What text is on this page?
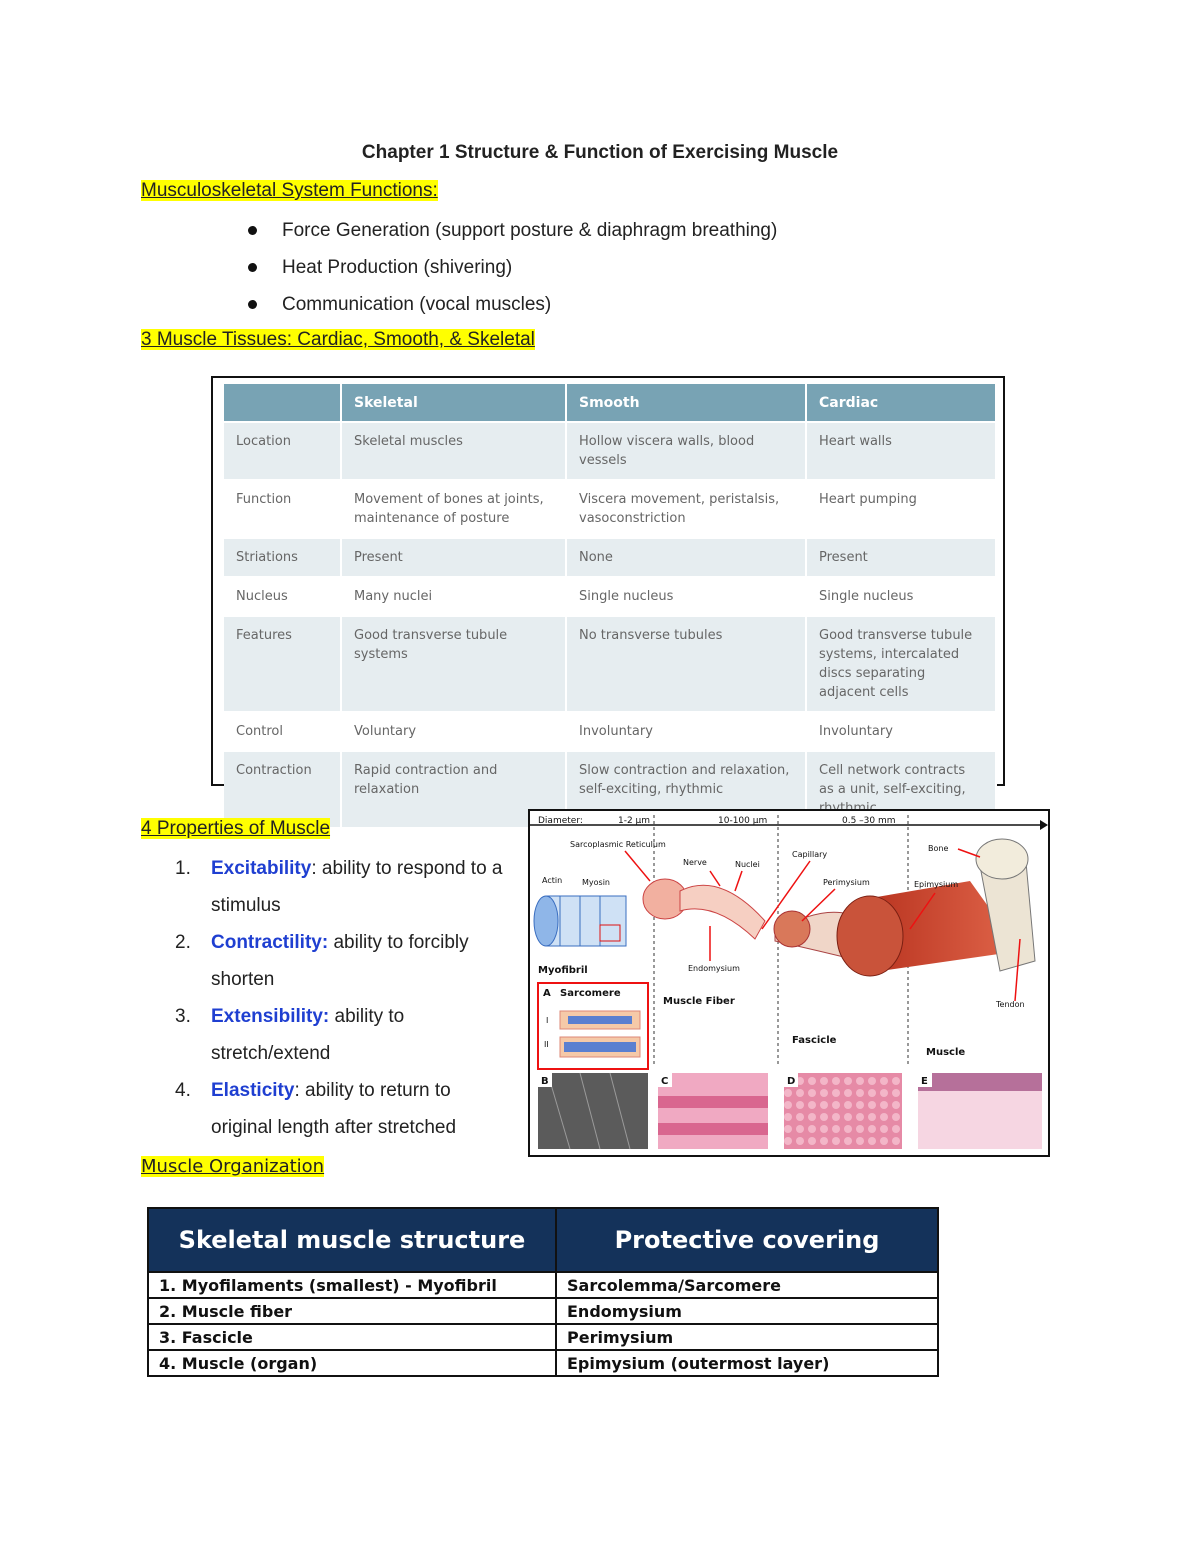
Chapter 1 Structure & Function of Exercising Muscle
Musculoskeletal System Functions:
Force Generation (support posture & diaphragm breathing)
Heat Production (shivering)
Communication (vocal muscles)
3 Muscle Tissues: Cardiac, Smooth, & Skeletal
	Skeletal	Smooth	Cardiac
Location	Skeletal muscles	Hollow viscera walls, blood vessels	Heart walls
Function	Movement of bones at joints, maintenance of posture	Viscera movement, peristalsis, vasoconstriction	Heart pumping
Striations	Present	None	Present
Nucleus	Many nuclei	Single nucleus	Single nucleus
Features	Good transverse tubule systems	No transverse tubules	Good transverse tubule systems, intercalated discs separating adjacent cells
Control	Voluntary	Involuntary	Involuntary
Contraction	Rapid contraction and relaxation	Slow contraction and relaxation, self-exciting, rhythmic	Cell network contracts as a unit, self-exciting,
4 Properties of Muscle
1. Excitability: ability to respond to a stimulus
2. Contractility: ability to forcibly shorten
3. Extensibility: ability to stretch/extend
4. Elasticity: ability to return to original length after stretched
Diameter:	1-2 µm	10-100 µm	0.5 –30 mm
Sarcoplasmic Reticulum
Actin Myosin
Nerve	Nuclei
Capillary
Perimysium	Epimysium
Bone
Endomysium
Tendon
Myofibril
Muscle Fiber
Fascicle
Muscle
A Sarcomere
I
II
B	C	D	E
Muscle Organization
Skeletal muscle structure	Protective covering
1. Myofilaments (smallest) - Myofibril	Sarcolemma/Sarcomere
2. Muscle fiber	Endomysium
3. Fascicle	Perimysium
4. Muscle (organ)	Epimysium (outermost layer)
